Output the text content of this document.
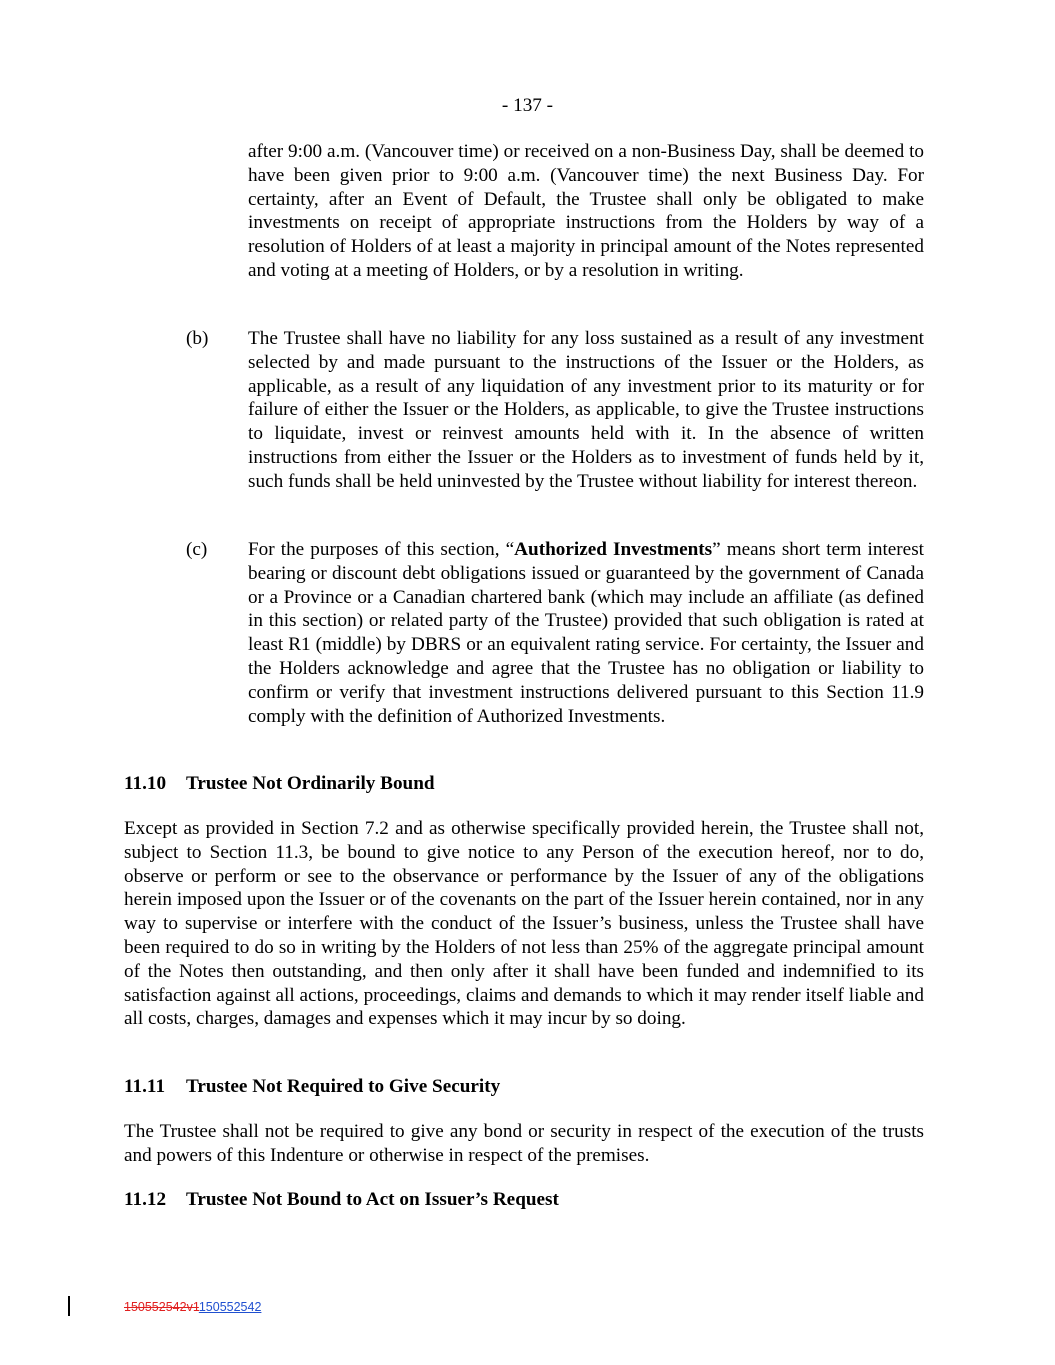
- 137 -

after 9:00 a.m. (Vancouver time) or received on a non-Business Day, shall be deemed to have been given prior to 9:00 a.m. (Vancouver time) the next Business Day. For certainty, after an Event of Default, the Trustee shall only be obligated to make investments on receipt of appropriate instructions from the Holders by way of a resolution of Holders of at least a majority in principal amount of the Notes represented and voting at a meeting of Holders, or by a resolution in writing.

(b) The Trustee shall have no liability for any loss sustained as a result of any investment selected by and made pursuant to the instructions of the Issuer or the Holders, as applicable, as a result of any liquidation of any investment prior to its maturity or for failure of either the Issuer or the Holders, as applicable, to give the Trustee instructions to liquidate, invest or reinvest amounts held with it. In the absence of written instructions from either the Issuer or the Holders as to investment of funds held by it, such funds shall be held uninvested by the Trustee without liability for interest thereon.

(c) For the purposes of this section, “Authorized Investments” means short term interest bearing or discount debt obligations issued or guaranteed by the government of Canada or a Province or a Canadian chartered bank (which may include an affiliate (as defined in this section) or related party of the Trustee) provided that such obligation is rated at least R1 (middle) by DBRS or an equivalent rating service. For certainty, the Issuer and the Holders acknowledge and agree that the Trustee has no obligation or liability to confirm or verify that investment instructions delivered pursuant to this Section 11.9 comply with the definition of Authorized Investments.

11.10 Trustee Not Ordinarily Bound

Except as provided in Section 7.2 and as otherwise specifically provided herein, the Trustee shall not, subject to Section 11.3, be bound to give notice to any Person of the execution hereof, nor to do, observe or perform or see to the observance or performance by the Issuer of any of the obligations herein imposed upon the Issuer or of the covenants on the part of the Issuer herein contained, nor in any way to supervise or interfere with the conduct of the Issuer’s business, unless the Trustee shall have been required to do so in writing by the Holders of not less than 25% of the aggregate principal amount of the Notes then outstanding, and then only after it shall have been funded and indemnified to its satisfaction against all actions, proceedings, claims and demands to which it may render itself liable and all costs, charges, damages and expenses which it may incur by so doing.

11.11 Trustee Not Required to Give Security

The Trustee shall not be required to give any bond or security in respect of the execution of the trusts and powers of this Indenture or otherwise in respect of the premises.

11.12 Trustee Not Bound to Act on Issuer’s Request
150552542v1150552542
